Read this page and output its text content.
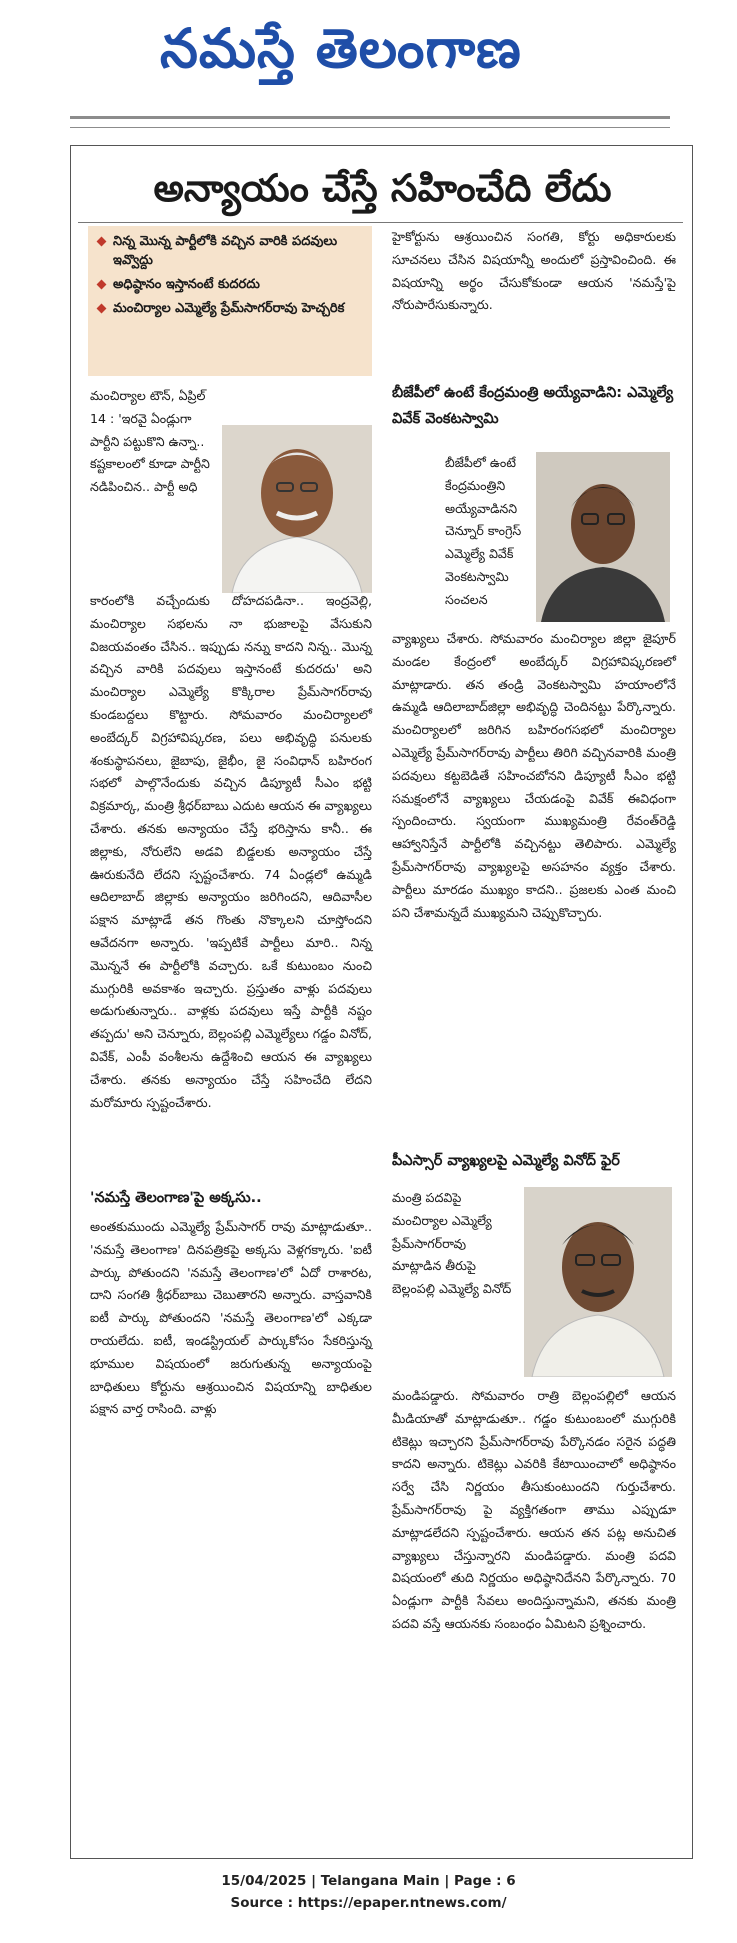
నమస్తే తెలంగాణ
అన్యాయం చేస్తే సహించేది లేదు
నిన్న మొన్న పార్టీలోకి వచ్చిన వారికి పదవులు ఇవ్వొద్దు
అధిష్ఠానం ఇస్తానంటే కుదరదు
మంచిర్యాల ఎమ్మెల్యే ప్రేమ్‌సాగర్‌రావు హెచ్చరిక
మంచిర్యాల టౌన్, ఏప్రిల్ 14 : 'ఇరవై ఏండ్లుగా పార్టీని పట్టుకొని ఉన్నా.. కష్టకాలంలో కూడా పార్టీని నడిపించిన.. పార్టీ అధి
కారంలోకి వచ్చేందుకు దోహదపడినా.. ఇంద్రవెల్లి, మంచిర్యాల సభలను నా భుజాలపై వేసుకుని విజయవంతం చేసిన.. ఇప్పుడు నన్ను కాదని నిన్న.. మొన్న వచ్చిన వారికి పదవులు ఇస్తానంటే కుదరదు' అని మంచిర్యాల ఎమ్మెల్యే కొక్కిరాల ప్రేమ్‌సాగర్‌రావు కుండబద్దలు కొట్టారు. సోమవారం మంచిర్యాలలో అంబేద్కర్ విగ్రహావిష్కరణ, పలు అభివృద్ధి పనులకు శంకుస్థాపనలు, జైబాపు, జైభీం, జై సంవిధాన్ బహిరంగ సభలో పాల్గొనేందుకు వచ్చిన డిప్యూటీ సీఎం భట్టి విక్రమార్క, మంత్రి శ్రీధర్‌బాబు ఎదుట ఆయన ఈ వ్యాఖ్యలు చేశారు. తనకు అన్యాయం చేస్తే భరిస్తాను కానీ.. ఈ జిల్లాకు, నోరులేని అడవి బిడ్డలకు అన్యాయం చేస్తే ఊరుకునేది లేదని స్పష్టంచేశారు. 74 ఏండ్లలో ఉమ్మడి ఆదిలాబాద్ జిల్లాకు అన్యాయం జరిగిందని, ఆదివాసీల పక్షాన మాట్లాడే తన గొంతు నొక్కాలని చూస్తోందని ఆవేదనగా అన్నారు. 'ఇప్పటికే పార్టీలు మారి.. నిన్న మొన్ననే ఈ పార్టీలోకి వచ్చారు. ఒకే కుటుంబం నుంచి ముగ్గురికి అవకాశం ఇచ్చారు. ప్రస్తుతం వాళ్లు పదవులు అడుగుతున్నారు.. వాళ్లకు పదవులు ఇస్తే పార్టీకి నష్టం తప్పదు' అని చెన్నూరు, బెల్లంపల్లి ఎమ్మెల్యేలు గడ్డం వినోద్, వివేక్, ఎంపీ వంశీలను ఉద్దేశించి ఆయన ఈ వ్యాఖ్యలు చేశారు. తనకు అన్యాయం చేస్తే సహించేది లేదని మరోమారు స్పష్టంచేశారు.
'నమస్తే తెలంగాణ'పై అక్కసు..
అంతకుముందు ఎమ్మెల్యే ప్రేమ్‌సాగర్ రావు మాట్లాడుతూ.. 'నమస్తే తెలంగాణ' దినపత్రికపై అక్కసు వెళ్లగక్కారు. 'ఐటీ పార్కు పోతుందని 'నమస్తే తెలంగాణ'లో ఏదో రాశారట, దాని సంగతి శ్రీధర్‌బాబు చెబుతారని అన్నారు. వాస్తవానికి ఐటీ పార్కు పోతుందని 'నమస్తే తెలంగాణ'లో ఎక్కడా రాయలేదు. ఐటీ, ఇండస్ట్రియల్ పార్కుకోసం సేకరిస్తున్న భూముల విషయంలో జరుగుతున్న అన్యాయంపై బాధితులు కోర్టును ఆశ్రయించిన విషయాన్ని బాధితుల పక్షాన వార్త రాసింది. వాళ్లు
హైకోర్టును ఆశ్రయించిన సంగతి, కోర్టు అధికారులకు సూచనలు చేసిన విషయాన్నీ అందులో ప్రస్తావించింది. ఈ విషయాన్ని అర్థం చేసుకోకుండా ఆయన 'నమస్తే'పై నోరుపారేసుకున్నారు.
బీజేపీలో ఉంటే కేంద్రమంత్రి అయ్యేవాడిని: ఎమ్మెల్యే వివేక్ వెంకటస్వామి
బీజేపీలో ఉంటే కేంద్రమంత్రిని అయ్యేవాడినని చెన్నూర్ కాంగ్రెస్ ఎమ్మెల్యే వివేక్ వెంకటస్వామి సంచలన
వ్యాఖ్యలు చేశారు. సోమవారం మంచిర్యాల జిల్లా జైపూర్ మండల కేంద్రంలో అంబేద్కర్ విగ్రహావిష్కరణలో మాట్లాడారు. తన తండ్రి వెంకటస్వామి హయాంలోనే ఉమ్మడి ఆదిలాబాద్‌జిల్లా అభివృద్ధి చెందినట్టు పేర్కొన్నారు. మంచిర్యాలలో జరిగిన బహిరంగసభలో మంచిర్యాల ఎమ్మెల్యే ప్రేమ్‌సాగర్‌రావు పార్టీలు తిరిగి వచ్చినవారికి మంత్రి పదవులు కట్టబెడితే సహించబోనని డిప్యూటీ సీఎం భట్టి సమక్షంలోనే వ్యాఖ్యలు చేయడంపై వివేక్ ఈవిధంగా స్పందించారు. స్వయంగా ముఖ్యమంత్రి రేవంత్‌రెడ్డి ఆహ్వానిస్తేనే పార్టీలోకి వచ్చినట్టు తెలిపారు. ఎమ్మెల్యే ప్రేమ్‌సాగర్‌రావు వ్యాఖ్యలపై అసహనం వ్యక్తం చేశారు. పార్టీలు మారడం ముఖ్యం కాదని.. ప్రజలకు ఎంత మంచి పని చేశామన్నదే ముఖ్యమని చెప్పుకొచ్చారు.
పీఎస్సార్ వ్యాఖ్యలపై ఎమ్మెల్యే వినోద్ ఫైర్
మంత్రి పదవిపై మంచిర్యాల ఎమ్మెల్యే ప్రేమ్‌సాగర్‌రావు మాట్లాడిన తీరుపై బెల్లంపల్లి ఎమ్మెల్యే వినోద్
మండిపడ్డారు. సోమవారం రాత్రి బెల్లంపల్లిలో ఆయన మీడియాతో మాట్లాడుతూ.. గడ్డం కుటుంబంలో ముగ్గురికి టికెట్లు ఇచ్చారని ప్రేమ్‌సాగర్‌రావు పేర్కొనడం సరైన పద్ధతి కాదని అన్నారు. టికెట్లు ఎవరికి కేటాయించాలో అధిష్ఠానం సర్వే చేసి నిర్ణయం తీసుకుంటుందని గుర్తుచేశారు. ప్రేమ్‌సాగర్‌రావు పై వ్యక్తిగతంగా తాము ఎప్పుడూ మాట్లాడలేదని స్పష్టంచేశారు. ఆయన తన పట్ల అనుచిత వ్యాఖ్యలు చేస్తున్నారని మండిపడ్డారు. మంత్రి పదవి విషయంలో తుది నిర్ణయం అధిష్ఠానిదేనని పేర్కొన్నారు. 70 ఏండ్లుగా పార్టీకి సేవలు అందిస్తున్నామని, తనకు మంత్రి పదవి వస్తే ఆయనకు సంబంధం ఏమిటని ప్రశ్నించారు.
15/04/2025 | Telangana Main | Page : 6
Source : https://epaper.ntnews.com/
